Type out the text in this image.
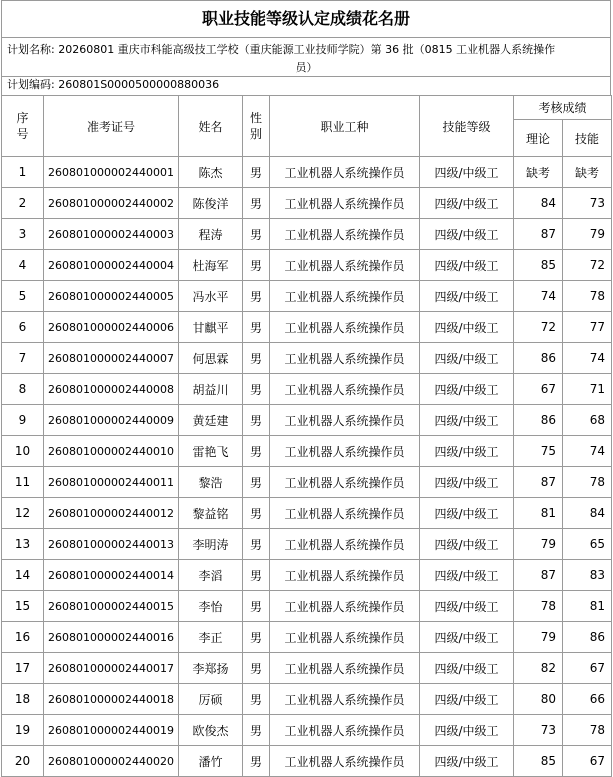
职业技能等级认定成绩花名册
计划名称: 20260801 重庆市科能高级技工学校（重庆能源工业技师学院）第 36 批（0815 工业机器人系统操作
员）
计划编码: 260801S0000500000880036
序号	准考证号	姓名	性别	职业工种	技能等级	考核成绩	
						理论	技能
1	260801000002440001	陈杰	男	工业机器人系统操作员	四级/中级工	缺考	缺考
2	260801000002440002	陈俊洋	男	工业机器人系统操作员	四级/中级工	84	73
3	260801000002440003	程涛	男	工业机器人系统操作员	四级/中级工	87	79
4	260801000002440004	杜海军	男	工业机器人系统操作员	四级/中级工	85	72
5	260801000002440005	冯水平	男	工业机器人系统操作员	四级/中级工	74	78
6	260801000002440006	甘麒平	男	工业机器人系统操作员	四级/中级工	72	77
7	260801000002440007	何思霖	男	工业机器人系统操作员	四级/中级工	86	74
8	260801000002440008	胡益川	男	工业机器人系统操作员	四级/中级工	67	71
9	260801000002440009	黄廷建	男	工业机器人系统操作员	四级/中级工	86	68
10	260801000002440010	雷艳飞	男	工业机器人系统操作员	四级/中级工	75	74
11	260801000002440011	黎浩	男	工业机器人系统操作员	四级/中级工	87	78
12	260801000002440012	黎益铭	男	工业机器人系统操作员	四级/中级工	81	84
13	260801000002440013	李明涛	男	工业机器人系统操作员	四级/中级工	79	65
14	260801000002440014	李滔	男	工业机器人系统操作员	四级/中级工	87	83
15	260801000002440015	李怡	男	工业机器人系统操作员	四级/中级工	78	81
16	260801000002440016	李正	男	工业机器人系统操作员	四级/中级工	79	86
17	260801000002440017	李郑扬	男	工业机器人系统操作员	四级/中级工	82	67
18	260801000002440018	厉硕	男	工业机器人系统操作员	四级/中级工	80	66
19	260801000002440019	欧俊杰	男	工业机器人系统操作员	四级/中级工	73	78
20	260801000002440020	潘竹	男	工业机器人系统操作员	四级/中级工	85	67
